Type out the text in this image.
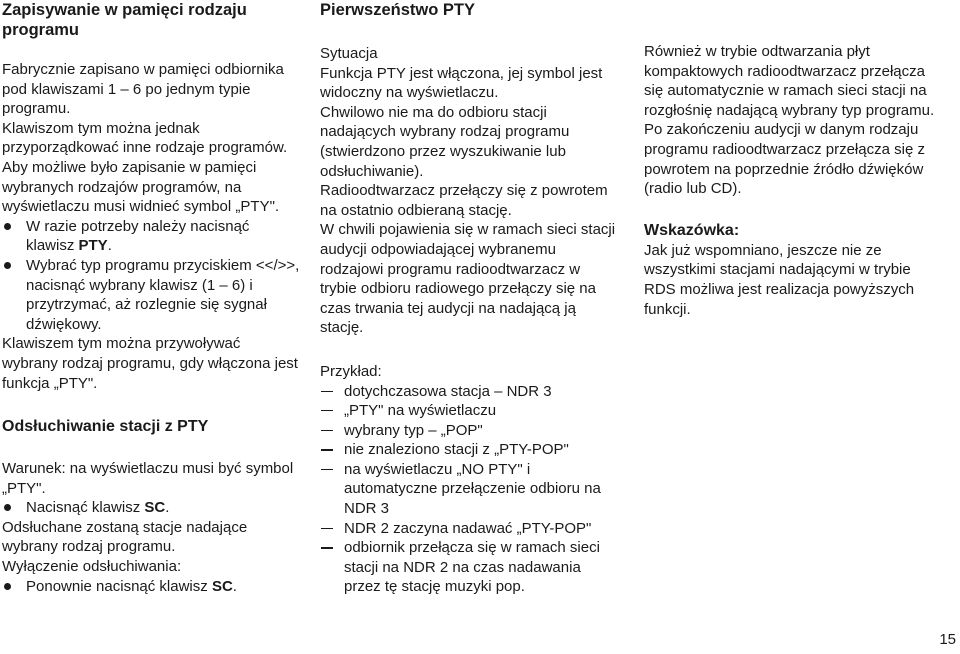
Zapisywanie w pamięci rodzaju programu

Fabrycznie zapisano w pamięci odbiornika pod klawiszami 1 – 6 po jednym typie programu.

Klawiszom tym można jednak przyporządkować inne rodzaje programów.

Aby możliwe było zapisanie w pamięci wybranych rodzajów programów, na wyświetlaczu musi widnieć symbol „PTY".

W razie potrzeby należy nacisnąć klawisz PTY.
Wybrać typ programu przyciskiem <</>>, nacisnąć wybrany klawisz (1 – 6) i przytrzymać, aż rozlegnie się sygnał dźwiękowy.

Klawiszem tym można przywoływać wybrany rodzaj programu, gdy włączona jest funkcja „PTY".

Odsłuchiwanie stacji z PTY

Warunek: na wyświetlaczu musi być symbol „PTY".

Nacisnąć klawisz SC.

Odsłuchane zostaną stacje nadające wybrany rodzaj programu.

Wyłączenie odsłuchiwania:

Ponownie nacisnąć klawisz SC.
Pierwszeństwo PTY

Sytuacja

Funkcja PTY jest włączona, jej symbol jest widoczny na wyświetlaczu.

Chwilowo nie ma do odbioru stacji nadających wybrany rodzaj programu (stwierdzono przez wyszukiwanie lub odsłuchiwanie).

Radioodtwarzacz przełączy się z powrotem na ostatnio odbieraną stację.

W chwili pojawienia się w ramach sieci stacji audycji odpowiadającej wybranemu rodzajowi programu radioodtwarzacz w trybie odbioru radiowego przełączy się na czas trwania tej audycji na nadającą ją stację.

Przykład:

dotychczasowa stacja – NDR 3
„PTY" na wyświetlaczu
wybrany typ – „POP"
nie znaleziono stacji z „PTY-POP"
na wyświetlaczu „NO PTY" i automatyczne przełączenie odbioru na NDR 3
NDR 2 zaczyna nadawać „PTY-POP"
odbiornik przełącza się w ramach sieci stacji na NDR 2 na czas nadawania przez tę stację muzyki pop.

Również w trybie odtwarzania płyt kompaktowych radioodtwarzacz przełącza się automatycznie w ramach sieci stacji na rozgłośnię nadającą wybrany typ programu.

Po zakończeniu audycji w danym rodzaju programu radioodtwarzacz przełącza się z powrotem na poprzednie źródło dźwięków (radio lub CD).

Wskazówka:

Jak już wspomniano, jeszcze nie ze wszystkimi stacjami nadającymi w trybie RDS możliwa jest realizacja powyższych funkcji.

15
